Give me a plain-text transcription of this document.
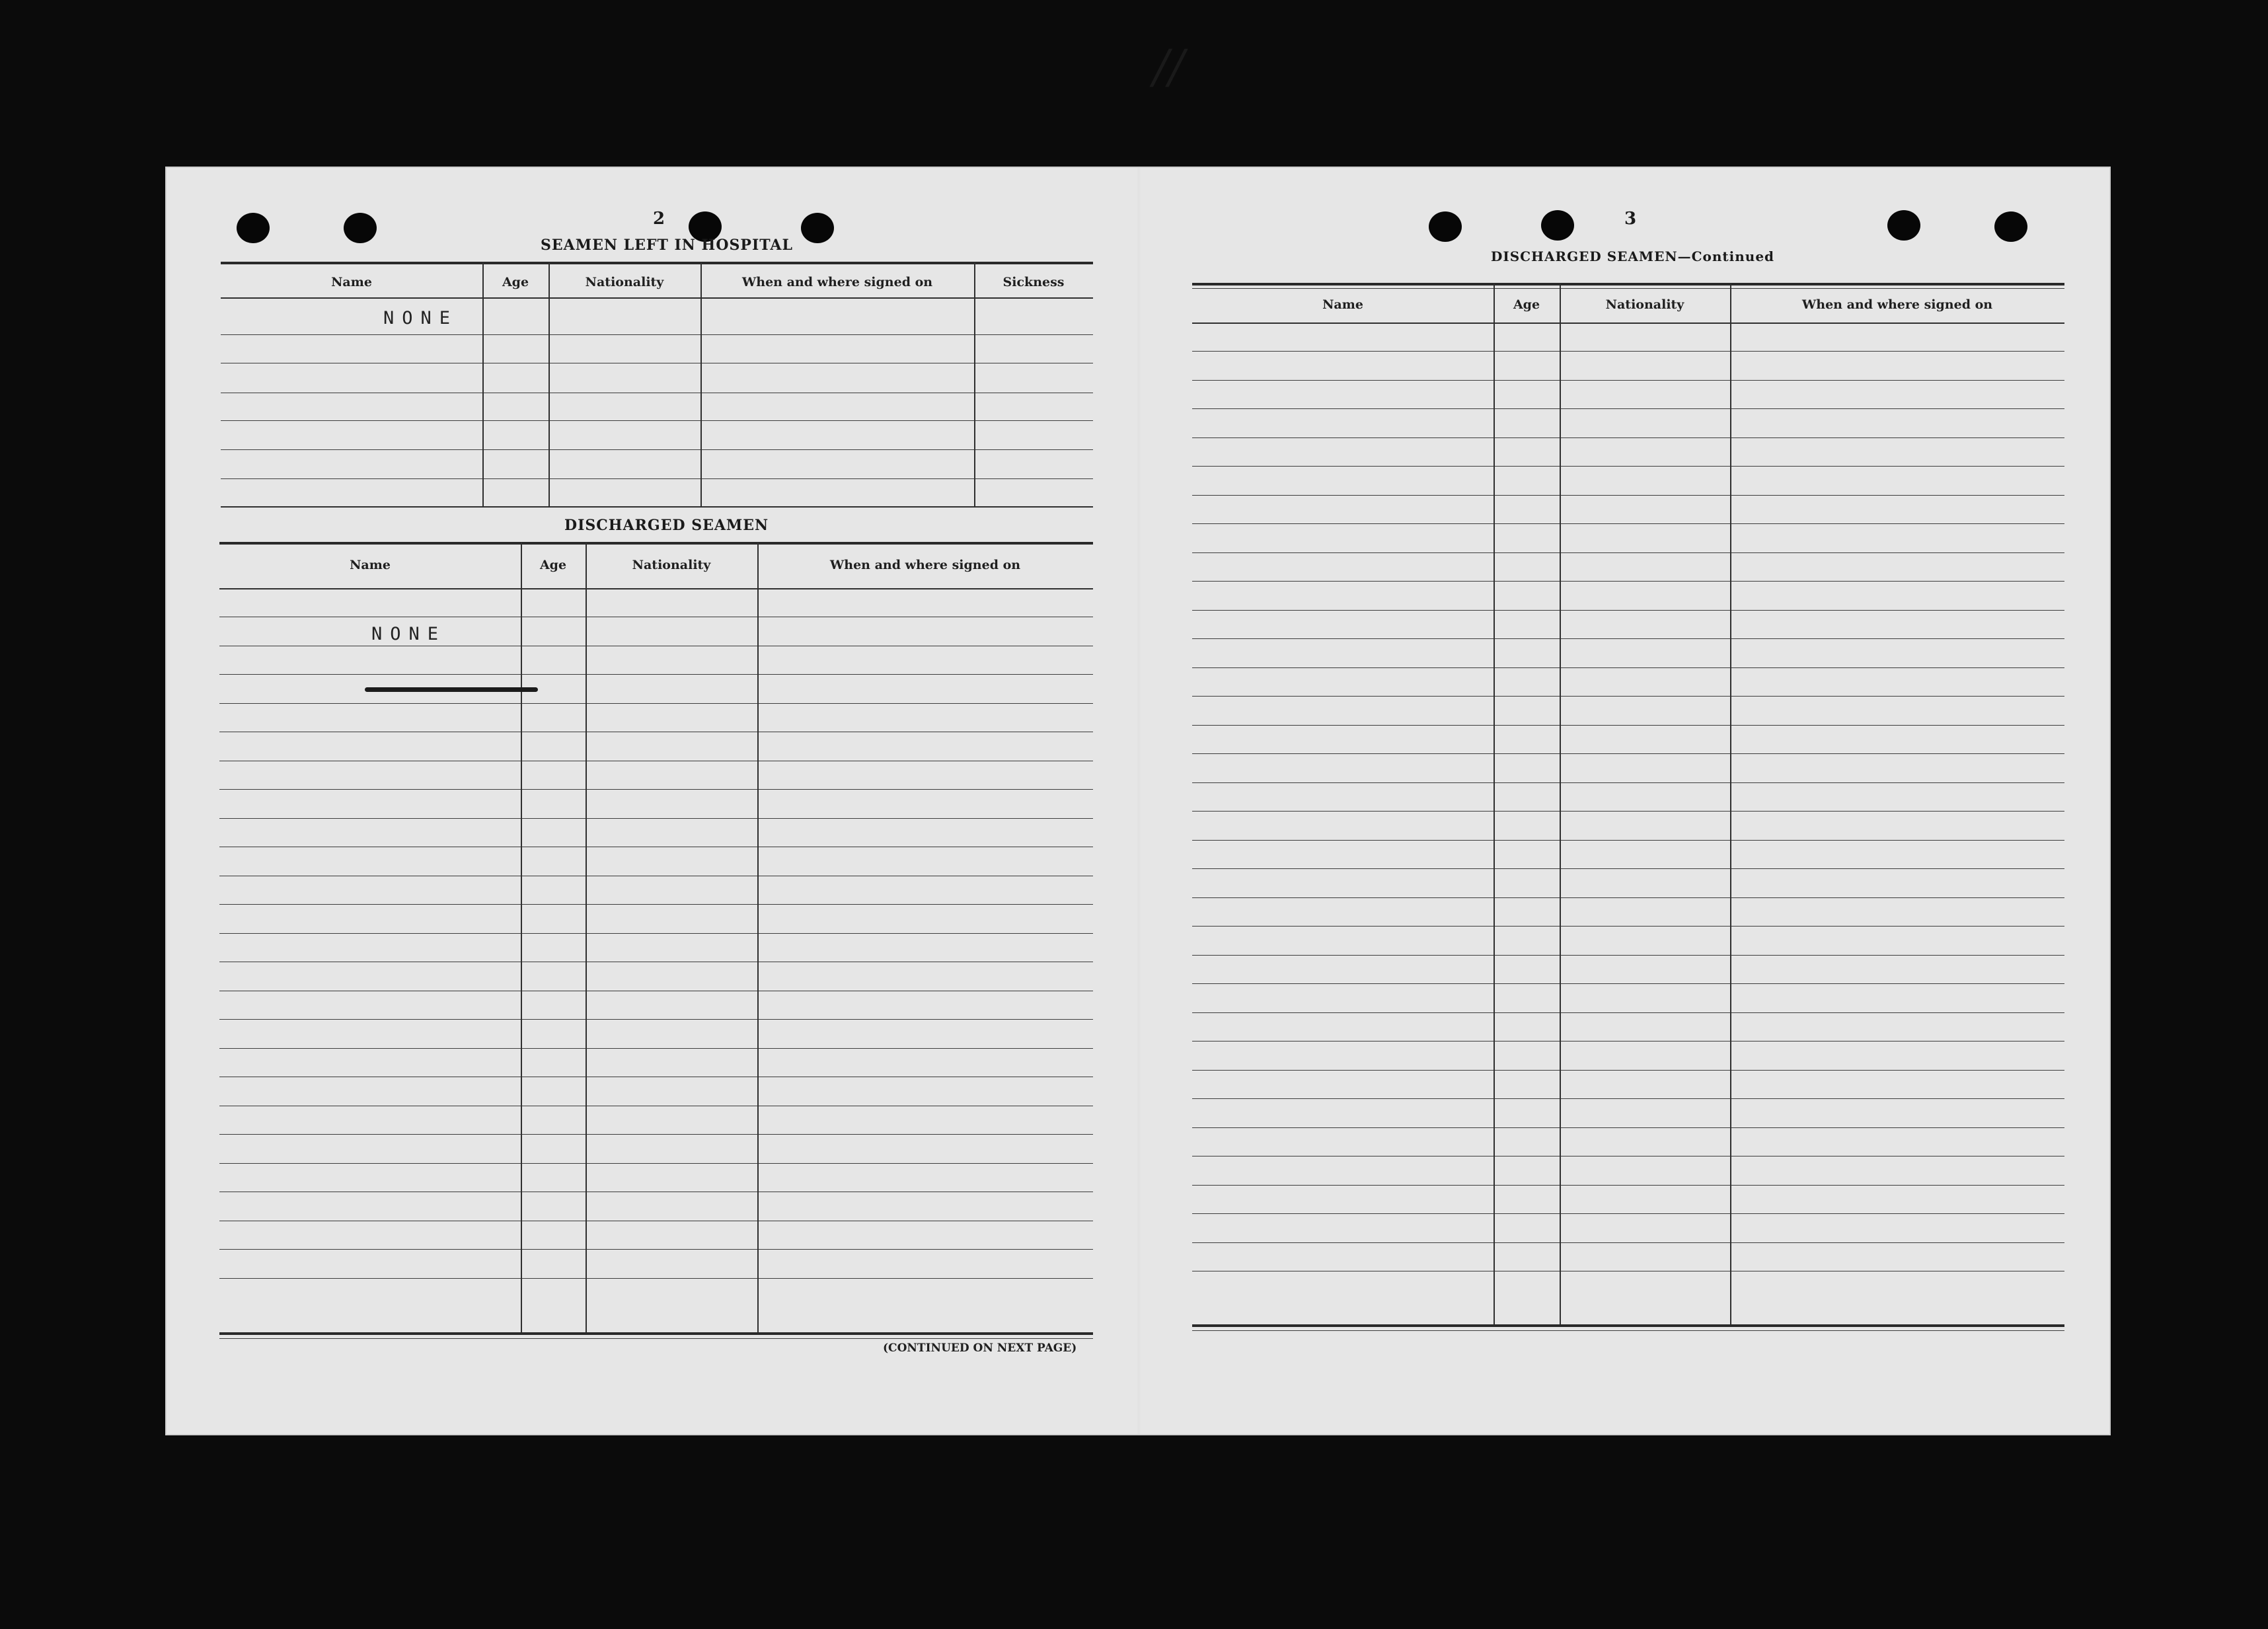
//
2
SEAMEN LEFT IN HOSPITAL
Name	Age	Nationality	When and where signed on	Sickness
NONE
DISCHARGED SEAMEN
Name	Age	Nationality	When and where signed on
NONE
(CONTINUED ON NEXT PAGE)
3
DISCHARGED SEAMEN—Continued
Name	Age	Nationality	When and where signed on
